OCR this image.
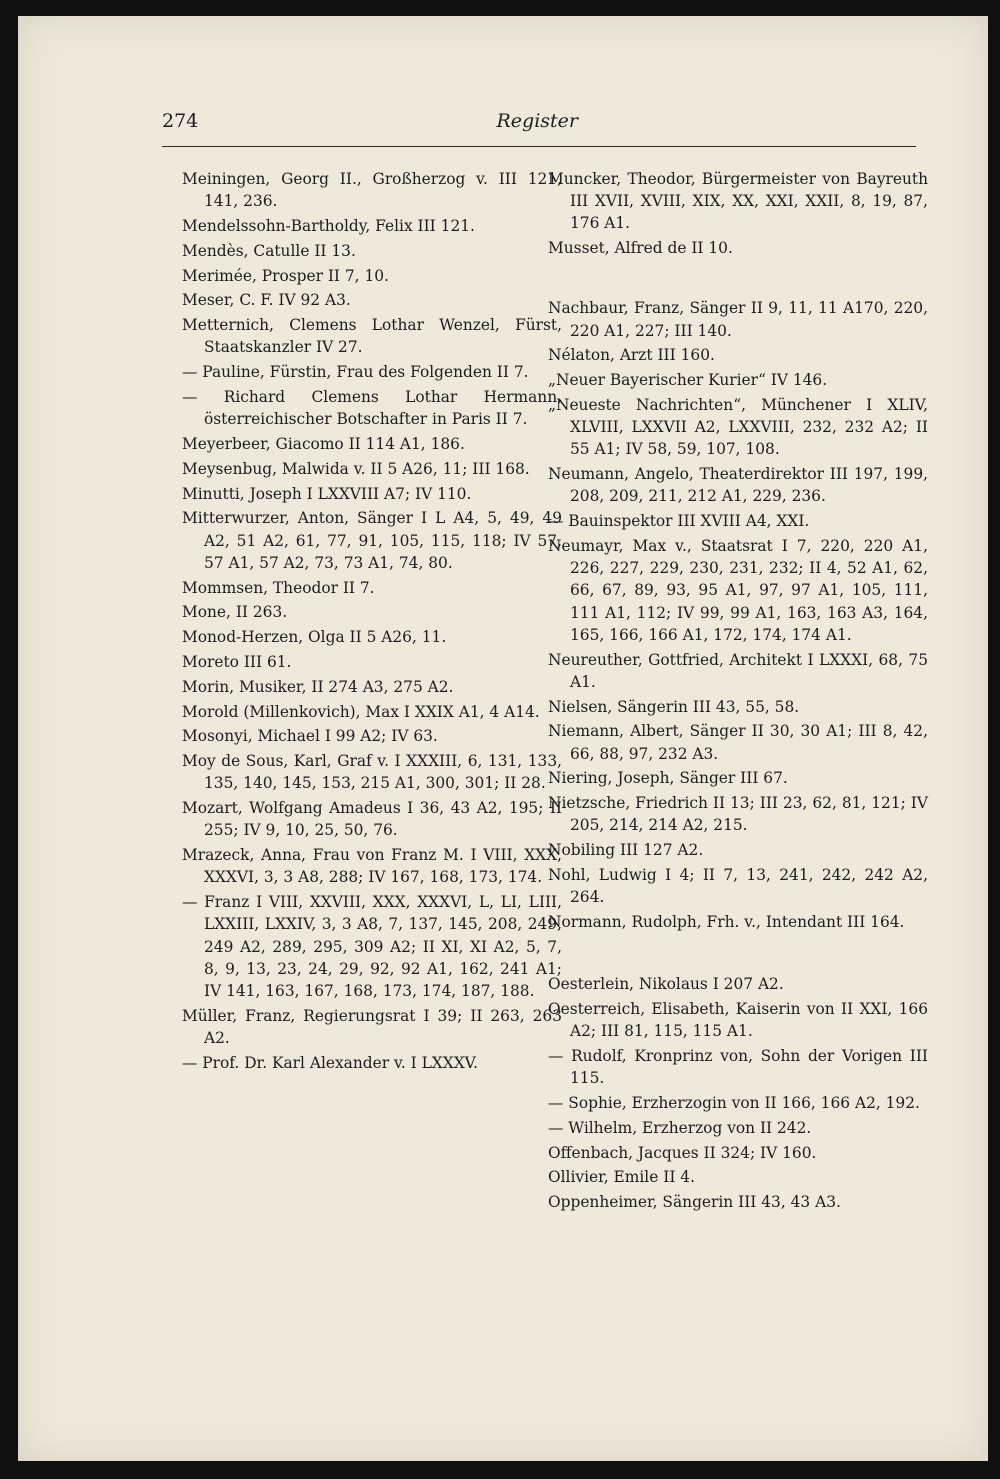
274	Register

Meiningen, Georg II., Großherzog v. III 121, 141, 236.

Mendelssohn-Bartholdy, Felix III 121.

Mendès, Catulle II 13.

Merimée, Prosper II 7, 10.

Meser, C. F. IV 92 A3.

Metternich, Clemens Lothar Wenzel, Fürst, Staatskanzler IV 27.

— Pauline, Fürstin, Frau des Folgenden II 7.

— Richard Clemens Lothar Hermann, österreichischer Botschafter in Paris II 7.

Meyerbeer, Giacomo II 114 A1, 186.

Meysenbug, Malwida v. II 5 A26, 11; III 168.

Minutti, Joseph I LXXVIII A7; IV 110.

Mitterwurzer, Anton, Sänger I L A4, 5, 49, 49 A2, 51 A2, 61, 77, 91, 105, 115, 118; IV 57, 57 A1, 57 A2, 73, 73 A1, 74, 80.

Mommsen, Theodor II 7.

Mone, II 263.

Monod-Herzen, Olga II 5 A26, 11.

Moreto III 61.

Morin, Musiker, II 274 A3, 275 A2.

Morold (Millenkovich), Max I XXIX A1, 4 A14.

Mosonyi, Michael I 99 A2; IV 63.

Moy de Sous, Karl, Graf v. I XXXIII, 6, 131, 133, 135, 140, 145, 153, 215 A1, 300, 301; II 28.

Mozart, Wolfgang Amadeus I 36, 43 A2, 195; II 255; IV 9, 10, 25, 50, 76.

Mrazeck, Anna, Frau von Franz M. I VIII, XXX, XXXVI, 3, 3 A8, 288; IV 167, 168, 173, 174.

— Franz I VIII, XXVIII, XXX, XXXVI, L, LI, LIII, LXXIII, LXXIV, 3, 3 A8, 7, 137, 145, 208, 249, 249 A2, 289, 295, 309 A2; II XI, XI A2, 5, 7, 8, 9, 13, 23, 24, 29, 92, 92 A1, 162, 241 A1; IV 141, 163, 167, 168, 173, 174, 187, 188.

Müller, Franz, Regierungsrat I 39; II 263, 263 A2.

— Prof. Dr. Karl Alexander v. I LXXXV.

Muncker, Theodor, Bürgermeister von Bayreuth III XVII, XVIII, XIX, XX, XXI, XXII, 8, 19, 87, 176 A1.

Musset, Alfred de II 10.

Nachbaur, Franz, Sänger II 9, 11, 11 A170, 220, 220 A1, 227; III 140.

Nélaton, Arzt III 160.

„Neuer Bayerischer Kurier“ IV 146.

„Neueste Nachrichten“, Münchener I XLIV, XLVIII, LXXVII A2, LXXVIII, 232, 232 A2; II 55 A1; IV 58, 59, 107, 108.

Neumann, Angelo, Theaterdirektor III 197, 199, 208, 209, 211, 212 A1, 229, 236.

— Bauinspektor III XVIII A4, XXI.

Neumayr, Max v., Staatsrat I 7, 220, 220 A1, 226, 227, 229, 230, 231, 232; II 4, 52 A1, 62, 66, 67, 89, 93, 95 A1, 97, 97 A1, 105, 111, 111 A1, 112; IV 99, 99 A1, 163, 163 A3, 164, 165, 166, 166 A1, 172, 174, 174 A1.

Neureuther, Gottfried, Architekt I LXXXI, 68, 75 A1.

Nielsen, Sängerin III 43, 55, 58.

Niemann, Albert, Sänger II 30, 30 A1; III 8, 42, 66, 88, 97, 232 A3.

Niering, Joseph, Sänger III 67.

Nietzsche, Friedrich II 13; III 23, 62, 81, 121; IV 205, 214, 214 A2, 215.

Nobiling III 127 A2.

Nohl, Ludwig I 4; II 7, 13, 241, 242, 242 A2, 264.

Normann, Rudolph, Frh. v., Intendant III 164.

Oesterlein, Nikolaus I 207 A2.

Oesterreich, Elisabeth, Kaiserin von II XXI, 166 A2; III 81, 115, 115 A1.

— Rudolf, Kronprinz von, Sohn der Vorigen III 115.

— Sophie, Erzherzogin von II 166, 166 A2, 192.

— Wilhelm, Erzherzog von II 242.

Offenbach, Jacques II 324; IV 160.

Ollivier, Emile II 4.

Oppenheimer, Sängerin III 43, 43 A3.
